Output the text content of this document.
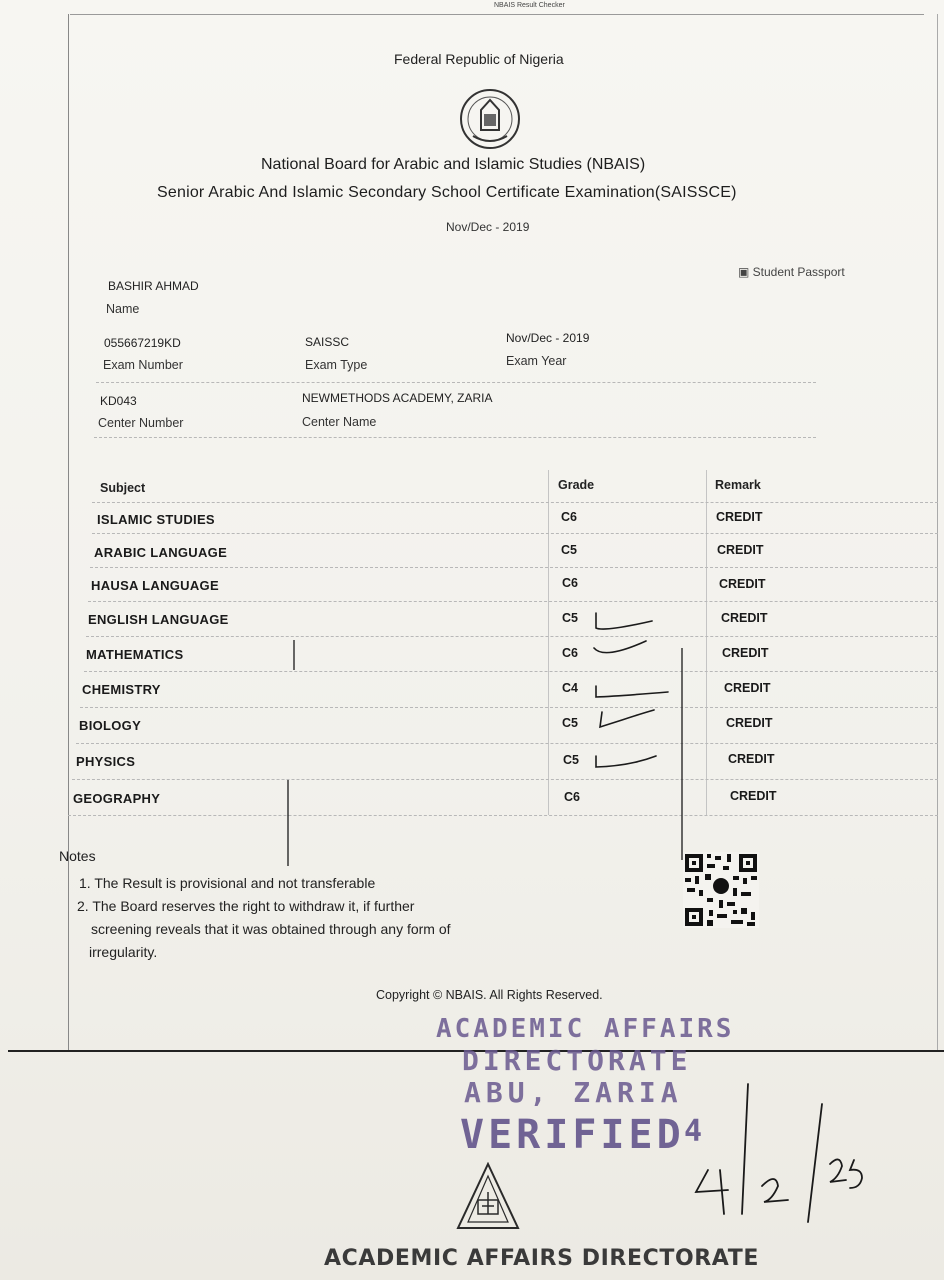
NBAIS Result Checker
Federal Republic of Nigeria
National Board for Arabic and Islamic Studies (NBAIS)
Senior Arabic And Islamic Secondary School Certificate Examination(SAISSCE)
Nov/Dec - 2019
▣ Student Passport
BASHIR AHMAD
Name
055667219KD
Exam Number
SAISSC
Exam Type
Nov/Dec - 2019
Exam Year
KD043
Center Number
NEWMETHODS ACADEMY, ZARIA
Center Name
Subject	Grade	Remark
ISLAMIC STUDIES	C6	CREDIT
ARABIC LANGUAGE	C5	CREDIT
HAUSA LANGUAGE	C6	CREDIT
ENGLISH LANGUAGE	C5	CREDIT
MATHEMATICS	C6	CREDIT
CHEMISTRY	C4	CREDIT
BIOLOGY	C5	CREDIT
PHYSICS	C5	CREDIT
GEOGRAPHY	C6	CREDIT
Notes
1. The Result is provisional and not transferable
2. The Board reserves the right to withdraw it, if further
screening reveals that it was obtained through any form of
irregularity.
Copyright © NBAIS. All Rights Reserved.
ACADEMIC AFFAIRS
DIRECTORATE
ABU, ZARIA
VERIFIED 4
ACADEMIC AFFAIRS DIRECTORATE
